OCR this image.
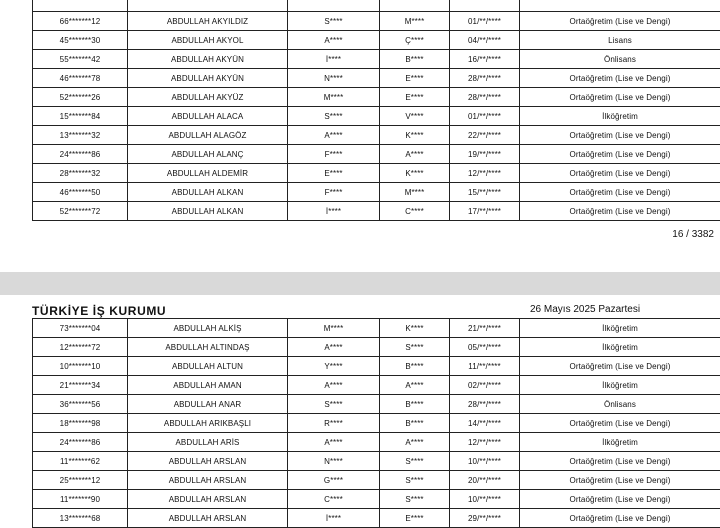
66*******12	ABDULLAH AKYILDIZ	S****	M****	01/**/****	Ortaöğretim (Lise ve Dengi)
45*******30	ABDULLAH AKYOL	A****	Ç****	04/**/****	Lisans
55*******42	ABDULLAH AKYÜN	İ****	B****	16/**/****	Önlisans
46*******78	ABDULLAH AKYÜN	N****	E****	28/**/****	Ortaöğretim (Lise ve Dengi)
52*******26	ABDULLAH AKYÜZ	M****	E****	28/**/****	Ortaöğretim (Lise ve Dengi)
15*******84	ABDULLAH ALACA	S****	V****	01/**/****	İlköğretim
13*******32	ABDULLAH ALAGÖZ	A****	K****	22/**/****	Ortaöğretim (Lise ve Dengi)
24*******86	ABDULLAH ALANÇ	F****	A****	19/**/****	Ortaöğretim (Lise ve Dengi)
28*******32	ABDULLAH ALDEMİR	E****	K****	12/**/****	Ortaöğretim (Lise ve Dengi)
46*******50	ABDULLAH ALKAN	F****	M****	15/**/****	Ortaöğretim (Lise ve Dengi)
52*******72	ABDULLAH ALKAN	İ****	C****	17/**/****	Ortaöğretim (Lise ve Dengi)
16 / 3382
TÜRKİYE İŞ KURUMU	26 Mayıs 2025 Pazartesi
73*******04	ABDULLAH ALKİŞ	M****	K****	21/**/****	İlköğretim
12*******72	ABDULLAH ALTINDAŞ	A****	S****	05/**/****	İlköğretim
10*******10	ABDULLAH ALTUN	Y****	B****	11/**/****	Ortaöğretim (Lise ve Dengi)
21*******34	ABDULLAH AMAN	A****	A****	02/**/****	İlköğretim
36*******56	ABDULLAH ANAR	S****	B****	28/**/****	Önlisans
18*******98	ABDULLAH ARIKBAŞLI	R****	B****	14/**/****	Ortaöğretim (Lise ve Dengi)
24*******86	ABDULLAH ARİS	A****	A****	12/**/****	İlköğretim
11*******62	ABDULLAH ARSLAN	N****	S****	10/**/****	Ortaöğretim (Lise ve Dengi)
25*******12	ABDULLAH ARSLAN	G****	S****	20/**/****	Ortaöğretim (Lise ve Dengi)
11*******90	ABDULLAH ARSLAN	C****	S****	10/**/****	Ortaöğretim (Lise ve Dengi)
13*******68	ABDULLAH ARSLAN	İ****	E****	29/**/****	Ortaöğretim (Lise ve Dengi)
